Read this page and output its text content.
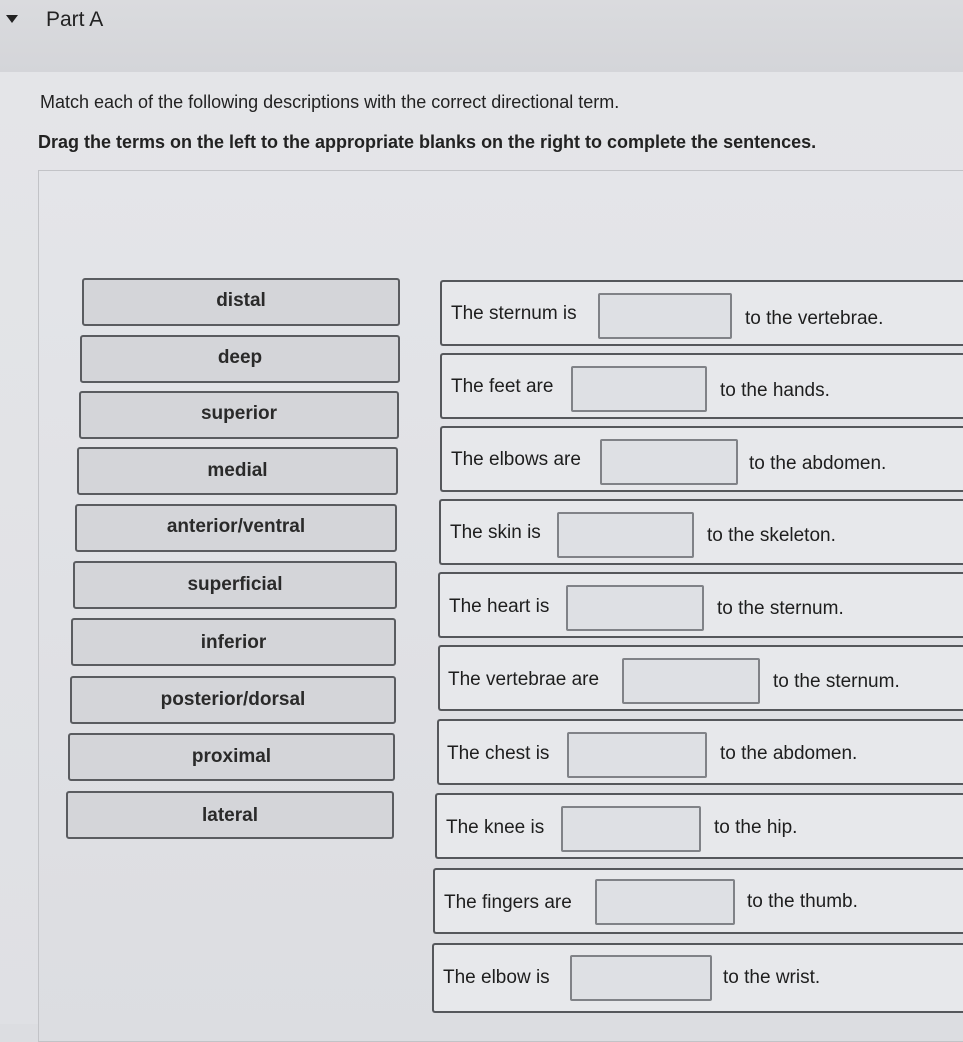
Part A
Match each of the following descriptions with the correct directional term.
Drag the terms on the left to the appropriate blanks on the right to complete the sentences.
distal
deep
superior
medial
anterior/ventral
superficial
inferior
posterior/dorsal
proximal
lateral
The sternum is	to the vertebrae.
The feet are	to the hands.
The elbows are	to the abdomen.
The skin is	to the skeleton.
The heart is	to the sternum.
The vertebrae are	to the sternum.
The chest is	to the abdomen.
The knee is	to the hip.
The fingers are	to the thumb.
The elbow is	to the wrist.
